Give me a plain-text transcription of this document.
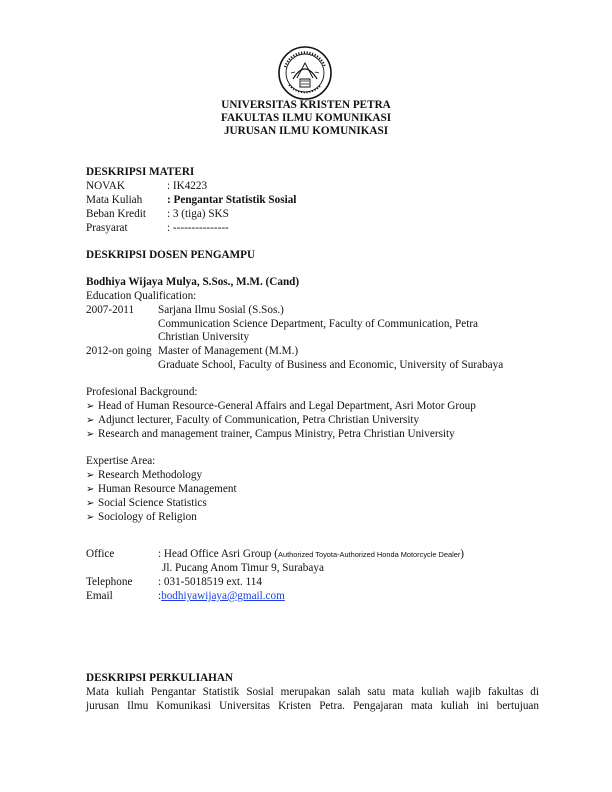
UNIVERSITAS KRISTEN PETRA
FAKULTAS ILMU KOMUNIKASI
JURUSAN ILMU KOMUNIKASI
DESKRIPSI MATERI
NOVAK	: IK4223
Mata Kuliah : Pengantar Statistik Sosial
Beban Kredit : 3 (tiga) SKS
Prasyarat	: ---------------
DESKRIPSI DOSEN PENGAMPU
Bodhiya Wijaya Mulya, S.Sos., M.M. (Cand)
Education Qualification:
2007-2011 Sarjana Ilmu Sosial (S.Sos.)
Communication Science Department, Faculty of Communication, Petra
Christian University
2012-on going Master of Management (M.M.)
Graduate School, Faculty of Business and Economic, University of Surabaya
Profesional Background:
➢ Head of Human Resource-General Affairs and Legal Department, Asri Motor Group
➢ Adjunct lecturer, Faculty of Communication, Petra Christian University
➢ Research and management trainer, Campus Ministry, Petra Christian University
Expertise Area:
➢ Research Methodology
➢ Human Resource Management
➢ Social Science Statistics
➢ Sociology of Religion
Office	: Head Office Asri Group (Authorized Toyota-Authorized Honda Motorcycle Dealer)
Jl. Pucang Anom Timur 9, Surabaya
Telephone : 031-5018519 ext. 114
Email	:bodhiyawijaya@gmail.com
DESKRIPSI PERKULIAHAN
Mata kuliah Pengantar Statistik Sosial merupakan salah satu mata kuliah wajib fakultas di
jurusan Ilmu Komunikasi Universitas Kristen Petra. Pengajaran mata kuliah ini bertujuan
